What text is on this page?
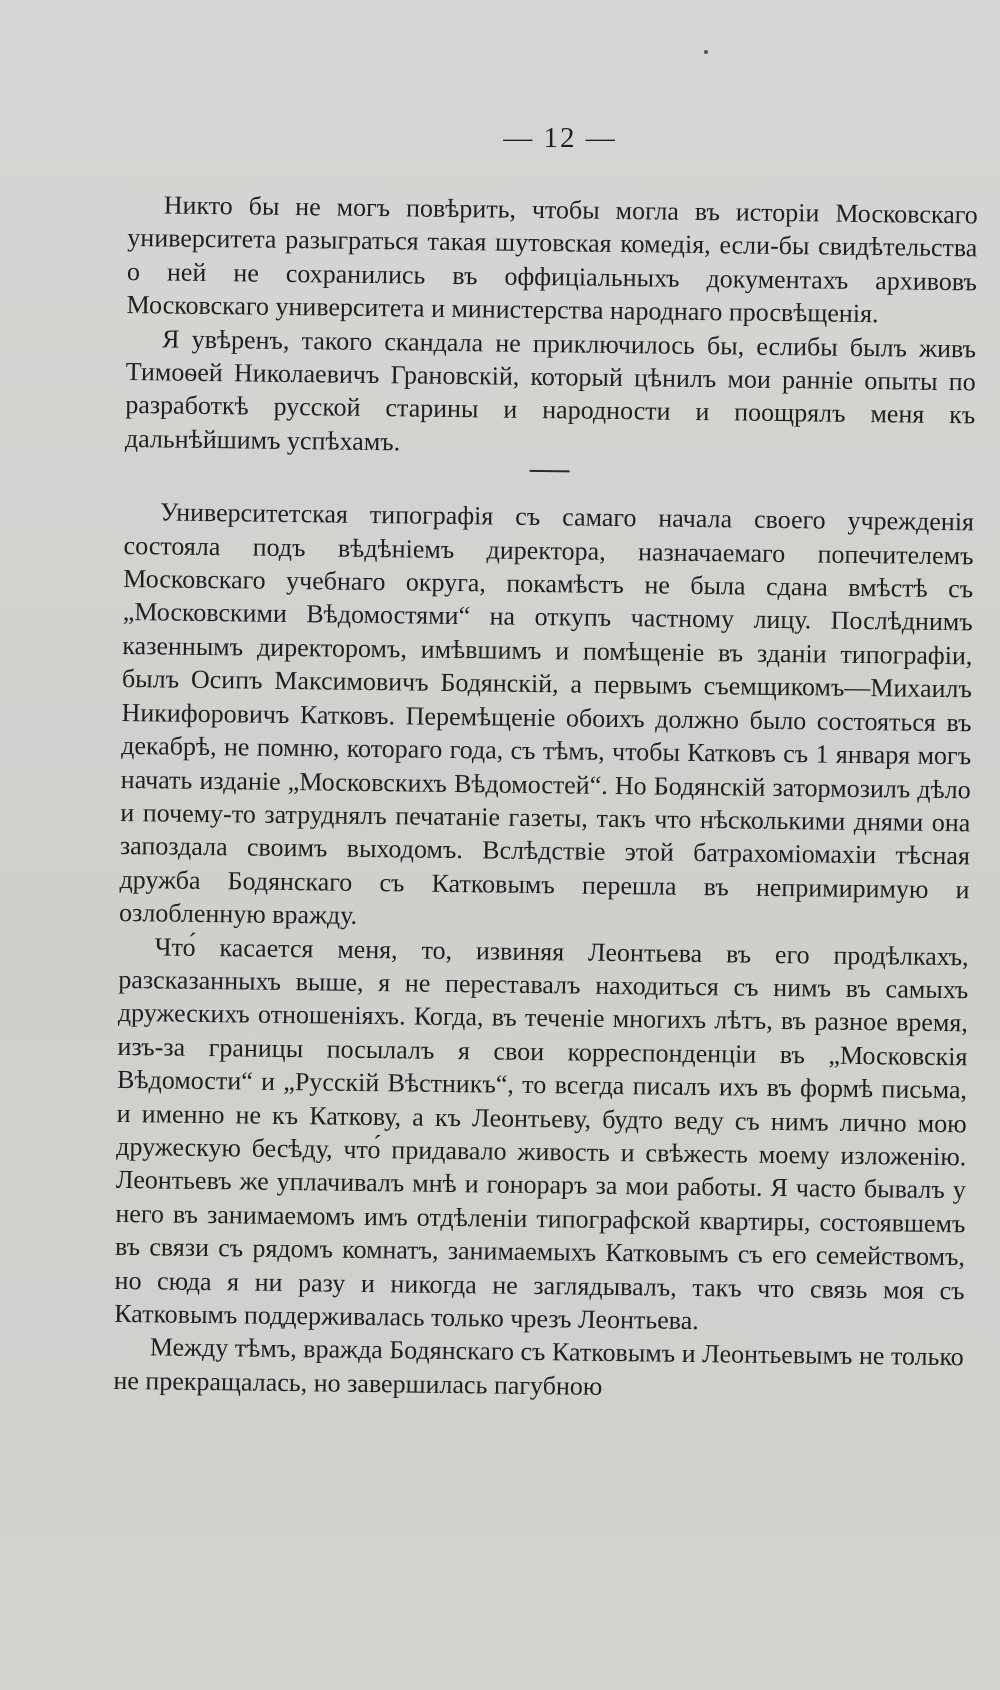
— 12 —

Никто бы не могъ повѣрить, чтобы могла въ исторіи Московскаго университета разыграться такая шутовская комедія, если-бы свидѣтельства о ней не сохранились въ оффиціальныхъ документахъ архивовъ Московскаго университета и министерства народнаго просвѣщенія.

Я увѣренъ, такого скандала не приключилось бы, еслибы былъ живъ Тимоѳей Николаевичъ Грановскій, который цѣнилъ мои ранніе опыты по разработкѣ русской старины и народности и поощрялъ меня къ дальнѣйшимъ успѣхамъ.

Университетская типографія съ самаго начала своего учрежденія состояла подъ вѣдѣніемъ директора, назначаемаго попечителемъ Московскаго учебнаго округа, покамѣстъ не была сдана вмѣстѣ съ „Московскими Вѣдомостями“ на откупъ частному лицу. Послѣднимъ казеннымъ директоромъ, имѣвшимъ и помѣщеніе въ зданіи типографіи, былъ Осипъ Максимовичъ Бодянскій, а первымъ съемщикомъ—Михаилъ Никифоровичъ Катковъ. Перемѣщеніе обоихъ должно было состояться въ декабрѣ, не помню, котораго года, съ тѣмъ, чтобы Катковъ съ 1 января могъ начать изданіе „Московскихъ Вѣдомостей“. Но Бодянскій затормозилъ дѣло и почему-то затруднялъ печатаніе газеты, такъ что нѣсколькими днями она запоздала своимъ выходомъ. Вслѣдствіе этой батрахоміомахіи тѣсная дружба Бодянскаго съ Катковымъ перешла въ непримиримую и озлобленную вражду.

Что́ касается меня, то, извиняя Леонтьева въ его продѣлкахъ, разсказанныхъ выше, я не переставалъ находиться съ нимъ въ самыхъ дружескихъ отношеніяхъ. Когда, въ теченіе многихъ лѣтъ, въ разное время, изъ-за границы посылалъ я свои корреспонденціи въ „Московскія Вѣдомости“ и „Русскій Вѣстникъ“, то всегда писалъ ихъ въ формѣ письма, и именно не къ Каткову, а къ Леонтьеву, будто веду съ нимъ лично мою дружескую бесѣду, что́ придавало живость и свѣжесть моему изложенію. Леонтьевъ же уплачивалъ мнѣ и гонораръ за мои работы. Я часто бывалъ у него въ занимаемомъ имъ отдѣленіи типографской квартиры, состоявшемъ въ связи съ рядомъ комнатъ, занимаемыхъ Катковымъ съ его семействомъ, но сюда я ни разу и никогда не заглядывалъ, такъ что связь моя съ Катковымъ поддерживалась только чрезъ Леонтьева.

Между тѣмъ, вражда Бодянскаго съ Катковымъ и Леонтьевымъ не только не прекращалась, но завершилась пагубною
